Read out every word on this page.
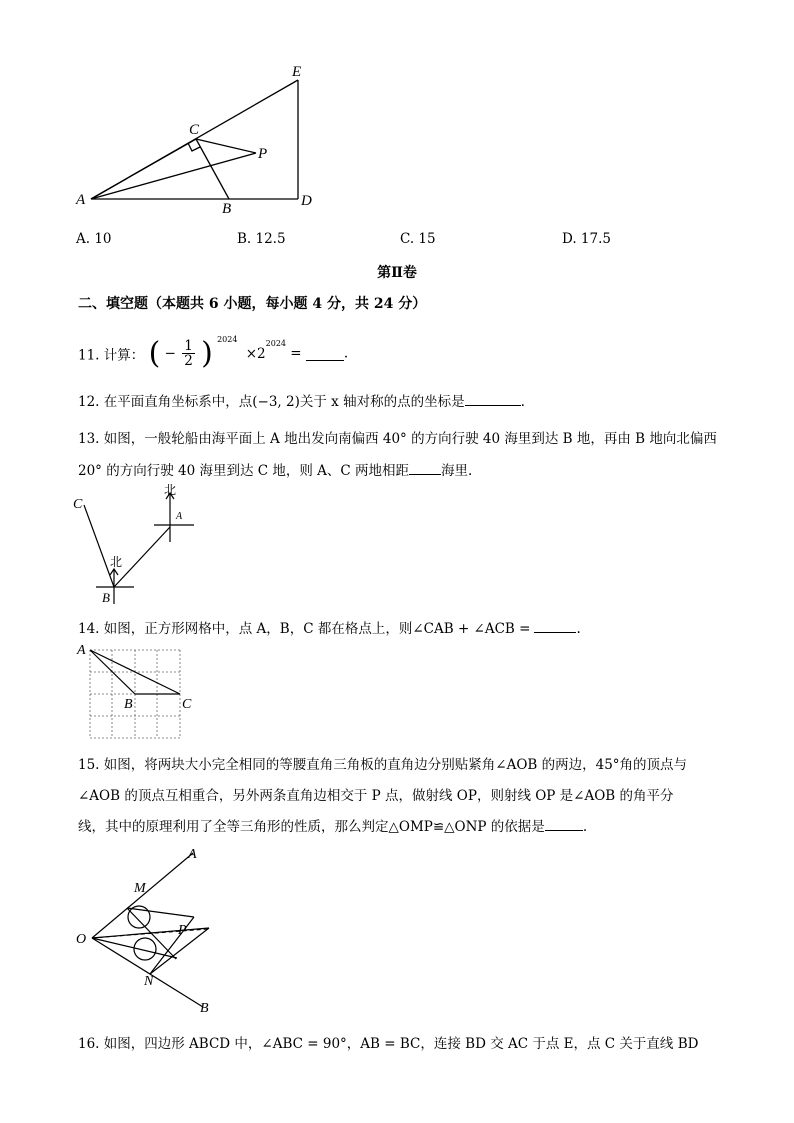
A
B
C
D
E
P
A. 10	B. 12.5	C. 15	D. 17.5
第Ⅱ卷
二、填空题（本题共 6 小题，每小题 4 分，共 24 分）
11. 计算： ( − $\frac{1}{2}$ ) $^{2024} \times 2^{2024}$ =	.
12. 在平面直角坐标系中，点(−3, 2)关于 x 轴对称的点的坐标是	.
13. 如图，一般轮船由海平面上 A 地出发向南偏西 40° 的方向行驶 40 海里到达 B 地，再由 B 地向北偏西
20° 的方向行驶 40 海里到达 C 地，则 A、C 两地相距 海里.
C
A
B
北
北
14. 如图，正方形网格中，点 A，B，C 都在格点上，则∠CAB + ∠ACB =	.
A
B	C
15. 如图，将两块大小完全相同的等腰直角三角板的直角边分别贴紧角∠AOB 的两边，45°角的顶点与
∠AOB 的顶点互相重合，另外两条直角边相交于 P 点，做射线 OP，则射线 OP 是∠AOB 的角平分
线，其中的原理利用了全等三角形的性质，那么判定△OMP≌△ONP 的依据是	.
A
B
M
N
O
P
16. 如图，四边形 ABCD 中，∠ABC = 90°，AB = BC，连接 BD 交 AC 于点 E，点 C 关于直线 BD
